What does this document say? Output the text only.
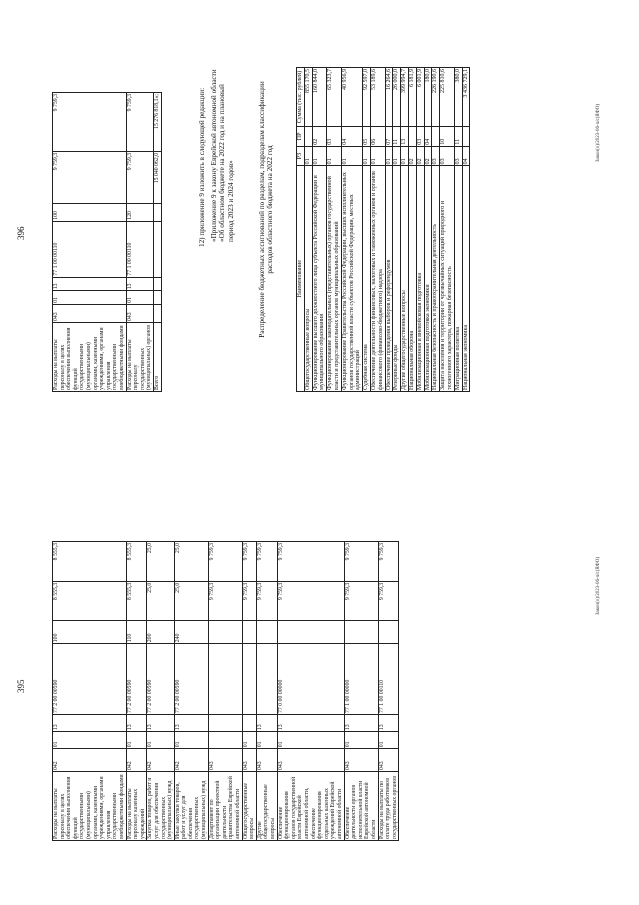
395
Расходы на выплаты персоналу в целях обеспечения выполнения функций государственными (муниципальными) органами, казенными учреждениями, органами управления государственными внебюджетными фондами	042	01	13	77 2 00 00590	100	8 555,3	8 555,3
Расходы на выплаты персоналу казенных учреждений	042	01	13	77 2 00 00590	110	8 555,3	8 555,3
Закупка товаров, работ и услуг для обеспечения государственных (муниципальных) нужд	042	01	13	77 2 00 00590	200	25,0	25,0
Иные закупки товаров, работ и услуг для обеспечения государственных (муниципальных) нужд	042	01	13	77 2 00 00590	240	25,0	25,0
Департамент по организации проектной деятельности правительства Еврейской автономной области	043					9 759,3	9 759,3
Общегосударственные вопросы	043	01				9 759,3	9 759,3
Другие общегосударственные вопросы	043	01	13			9 759,3	9 759,3
Обеспечение функционирования органов государственной власти Еврейской автономной области, обеспечение функционирования отдельных казенных учреждений Еврейской автономной области	043	01	13	77 0 00 00000		9 759,3	9 759,3
Обеспечение деятельности органов исполнительной власти Еврейской автономной области	043	01	13	77 1 00 00000		9 759,3	9 759,3
Расходы на выплаты по оплате труда работников государственных органов	043	01	13	77 1 00 00110		9 759,3	9 759,3
Закон(о)/2023-06-ч/с(ЯФО)
396
Расходы на выплаты персоналу в целях обеспечения выполнения функций государственными (муниципальными) органами, казенными учреждениями, органами управления государственными внебюджетными фондами	043	01	13	77 1 00 00110	100	9 759,3	9 759,3
Расходы на выплаты персоналу государственных (муниципальных) органов	043	01	13	77 1 00 00110	120	9 759,3	9 759,3
Всего						15 040 062,0	15 276 818,1»;	12) приложение 9 изложить в следующей редакции: «Приложение 9 к закону Еврейской автономной области «Об областном бюджете на 2022 год и на плановый период 2023 и 2024 годов»	Распределение бюджетных ассигнований по разделам, подразделам классификации расходов областного бюджета на 2022 год
Наименование	РЗ	ПР	Сумма (тыс. рублей)
Общегосударственные вопросы	01		855 170,5
Функционирование высшего должностного лица субъекта Российской Федерации и муниципального образования	01	02	160 844,0
Функционирование законодательных (представительных) органов государственной власти и представительных органов муниципальных образований	01	03	65 323,7
Функционирование Правительства Российской Федерации, высших исполнительных органов государственной власти субъектов Российской Федерации, местных администраций	01	04	40 956,9
Судебная система	01	05	92 597,0
Обеспечение деятельности финансовых, налоговых и таможенных органов и органов финансового (финансово-бюджетного) надзора	01	06	53 189,6
Обеспечение проведения выборов и референдумов	01	07	16 264,6
Резервные фонды	01	11	26 000,0
Другие общегосударственные вопросы	01	13	399 994,7
Национальная оборона	02		6 181,9
Мобилизационная и вневойсковая подготовка	02	03	6 001,9
Мобилизационная подготовка экономики	02	04	180,0
Национальная безопасность и правоохранительная деятельность	03		226 190,6
Защита населения и территории от чрезвычайных ситуаций природного и техногенного характера, пожарная безопасность	03	10	225 810,6
Миграционная политика	03	11	380,0
Национальная экономика	04		3 436 729,1
Закон(о)/2023-06-ч/с(ЯФО)
